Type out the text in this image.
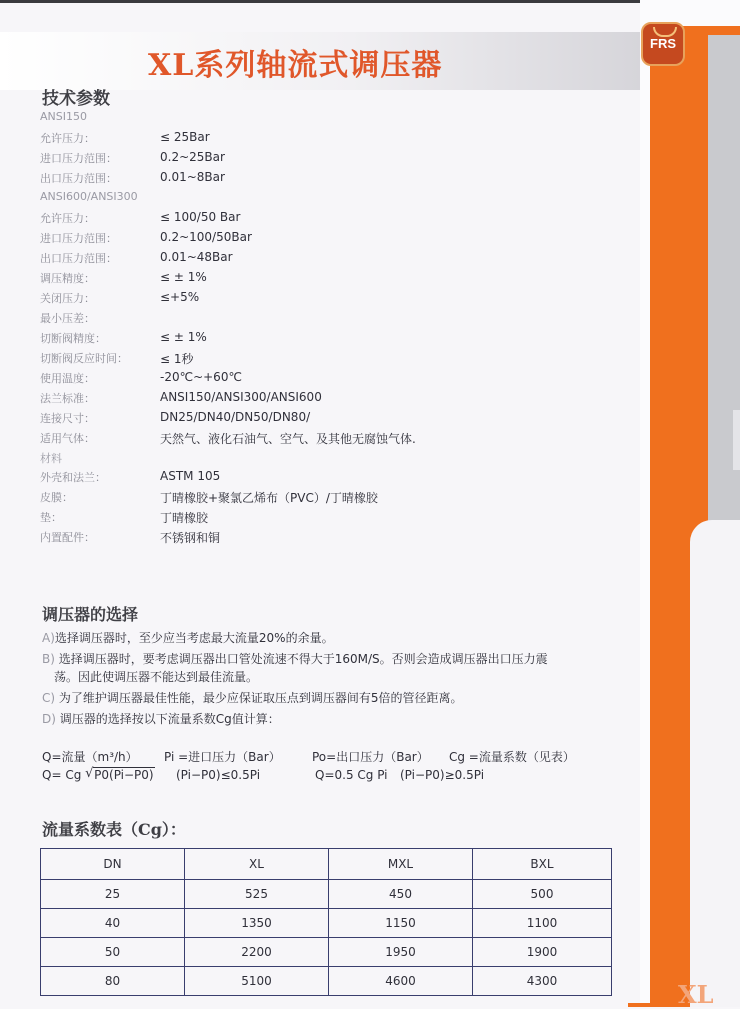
FRS
XL
XL系列轴流式调压器
技术参数
ANSI150
允许压力：	≤ 25Bar
进口压力范围：	0.2~25Bar
出口压力范围：	0.01~8Bar
ANSI600/ANSI300
允许压力：	≤ 100/50 Bar
进口压力范围：	0.2~100/50Bar
出口压力范围：	0.01~48Bar
调压精度：	≤ ± 1%
关闭压力：	≤+5%
最小压差：
切断阀精度：	≤ ± 1%
切断阀反应时间：	≤ 1秒
使用温度：	-20℃~+60℃
法兰标准：	ANSI150/ANSI300/ANSI600
连接尺寸：	DN25/DN40/DN50/DN80/
适用气体：	天然气、液化石油气、空气、及其他无腐蚀气体.
材料
外壳和法兰：	ASTM 105
皮膜：	丁晴橡胶+聚氯乙烯布（PVC）/丁晴橡胶
垫：	丁晴橡胶
内置配件：	不锈钢和铜
调压器的选择
A)选择调压器时，至少应当考虑最大流量20%的余量。
B) 选择调压器时，要考虑调压器出口管处流速不得大于160M/S。否则会造成调压器出口压力震
荡。因此使调压器不能达到最佳流量。
C) 为了维护调压器最佳性能，最少应保证取压点到调压器间有5倍的管径距离。
D) 调压器的选择按以下流量系数Cg值计算：
Q=流量（m³/h） Pi =进口压力（Bar）	Po=出口压力（Bar） Cg =流量系数（见表）
Q= Cg √ P0(Pi−P0) (Pi−P0)≤0.5Pi	Q=0.5 Cg Pi (Pi−P0)≥0.5Pi
流量系数表（Cg）：
DN	XL	MXL	BXL
25	525	450	500
40	1350	1150	1100
50	2200	1950	1900
80	5100	4600	4300
